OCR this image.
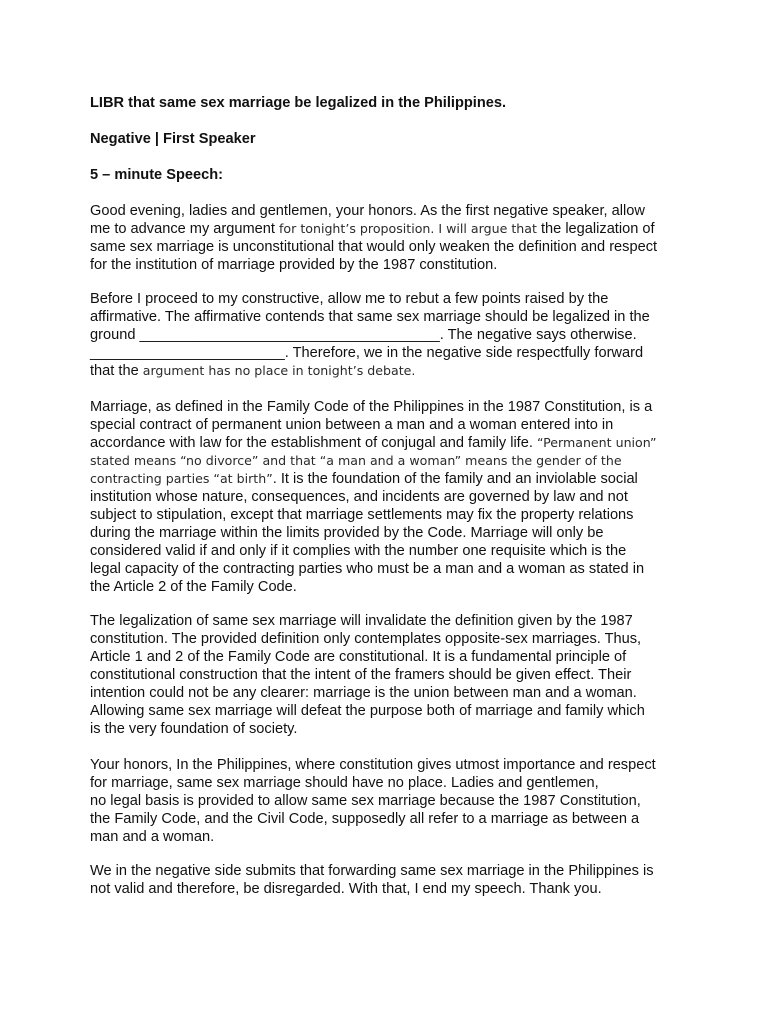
LIBR that same sex marriage be legalized in the Philippines.
Negative | First Speaker
5 – minute Speech:
Good evening, ladies and gentlemen, your honors. As the first negative speaker, allow
me to advance my argument for tonight’s proposition. I will argue that the legalization of
same sex marriage is unconstitutional that would only weaken the definition and respect
for the institution of marriage provided by the 1987 constitution.
Before I proceed to my constructive, allow me to rebut a few points raised by the
affirmative. The affirmative contends that same sex marriage should be legalized in the
ground _____________________________________. The negative says otherwise.
________________________. Therefore, we in the negative side respectfully forward
that the argument has no place in tonight’s debate.
Marriage, as defined in the Family Code of the Philippines in the 1987 Constitution, is a
special contract of permanent union between a man and a woman entered into in
accordance with law for the establishment of conjugal and family life. “Permanent union”
stated means “no divorce” and that “a man and a woman” means the gender of the
contracting parties “at birth”. It is the foundation of the family and an inviolable social
institution whose nature, consequences, and incidents are governed by law and not
subject to stipulation, except that marriage settlements may fix the property relations
during the marriage within the limits provided by the Code. Marriage will only be
considered valid if and only if it complies with the number one requisite which is the
legal capacity of the contracting parties who must be a man and a woman as stated in
the Article 2 of the Family Code.
The legalization of same sex marriage will invalidate the definition given by the 1987
constitution. The provided definition only contemplates opposite-sex marriages. Thus,
Article 1 and 2 of the Family Code are constitutional. It is a fundamental principle of
constitutional construction that the intent of the framers should be given effect. Their
intention could not be any clearer: marriage is the union between man and a woman.
Allowing same sex marriage will defeat the purpose both of marriage and family which
is the very foundation of society.
Your honors, In the Philippines, where constitution gives utmost importance and respect
for marriage, same sex marriage should have no place. Ladies and gentlemen,
no legal basis is provided to allow same sex marriage because the 1987 Constitution,
the Family Code, and the Civil Code, supposedly all refer to a marriage as between a
man and a woman.
We in the negative side submits that forwarding same sex marriage in the Philippines is
not valid and therefore, be disregarded. With that, I end my speech. Thank you.
